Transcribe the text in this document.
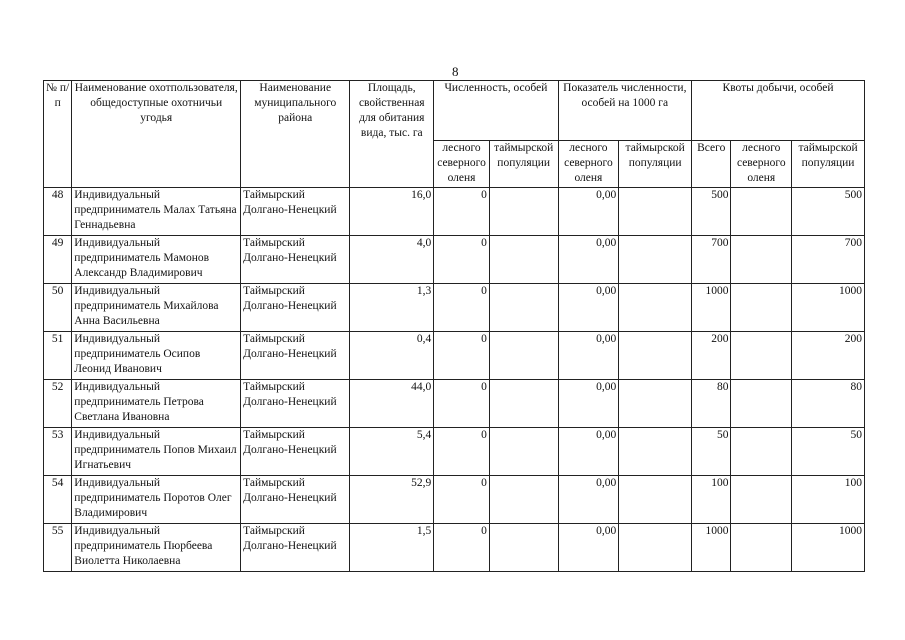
8
№ п/п	Наименование охотпользователя, общедоступные охотничьи угодья	Наименование муниципального района	Площадь, свойственная для обитания вида, тыс. га	Численность, особей		Показатель численности, особей на 1000 га		Квоты добычи, особей		
				лесного северного оленя	таймырской популяции	лесного северного оленя	таймырской популяции	Всего	лесного северного оленя	таймырской популяции
48	Индивидуальный предприниматель Малах Татьяна Геннадьевна	Таймырский Долгано-Ненецкий	16,0	0		0,00		500		500
49	Индивидуальный предприниматель Мамонов Александр Владимирович	Таймырский Долгано-Ненецкий	4,0	0		0,00		700		700
50	Индивидуальный предприниматель Михайлова Анна Васильевна	Таймырский Долгано-Ненецкий	1,3	0		0,00		1000		1000
51	Индивидуальный предприниматель Осипов Леонид Иванович	Таймырский Долгано-Ненецкий	0,4	0		0,00		200		200
52	Индивидуальный предприниматель Петрова Светлана Ивановна	Таймырский Долгано-Ненецкий	44,0	0		0,00		80		80
53	Индивидуальный предприниматель Попов Михаил Игнатьевич	Таймырский Долгано-Ненецкий	5,4	0		0,00		50		50
54	Индивидуальный предприниматель Поротов Олег Владимирович	Таймырский Долгано-Ненецкий	52,9	0		0,00		100		100
55	Индивидуальный предприниматель Пюрбеева Виолетта Николаевна	Таймырский Долгано-Ненецкий	1,5	0		0,00		1000		1000
